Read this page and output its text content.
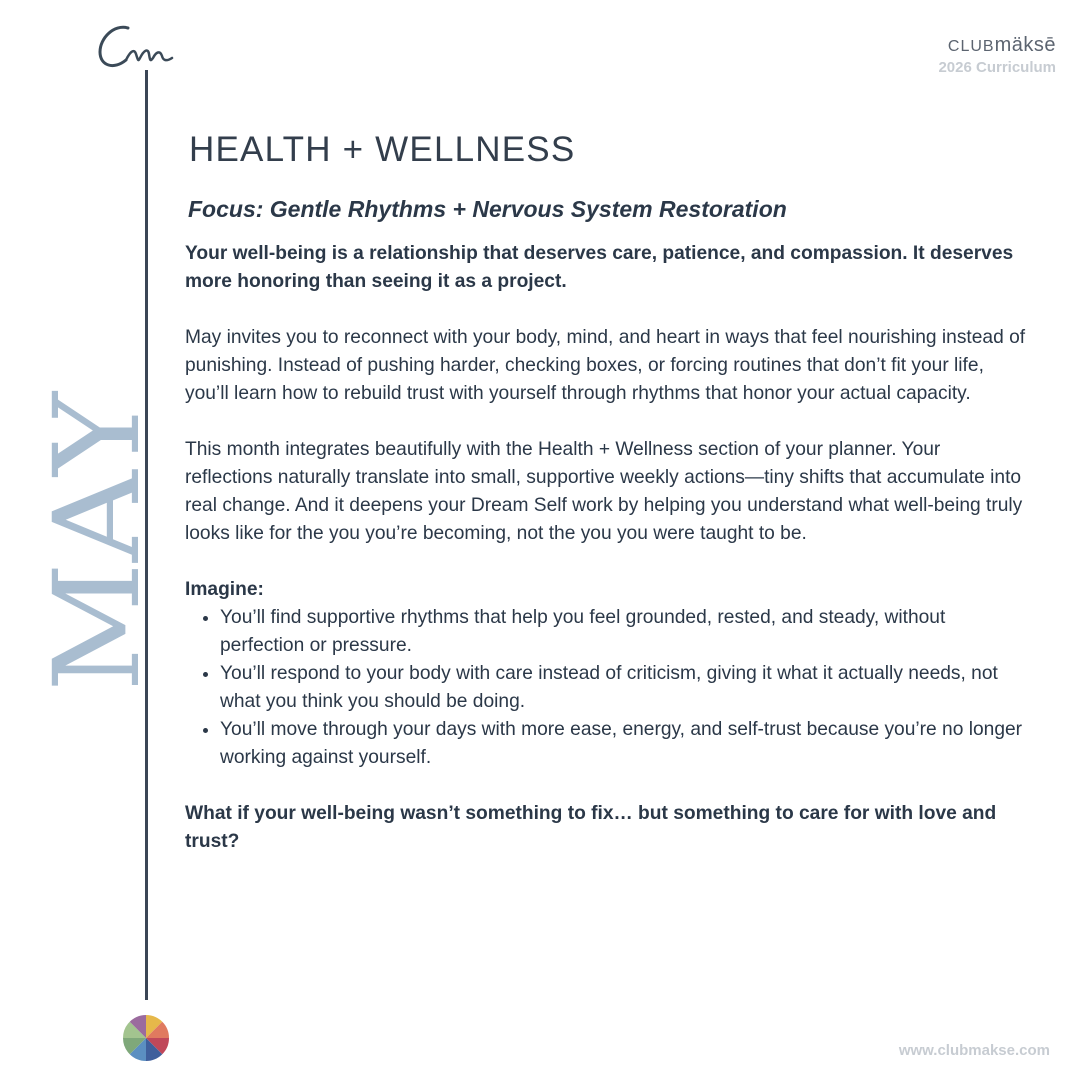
CLUBmäksē
2026 Curriculum
MAY
HEALTH + WELLNESS
Focus: Gentle Rhythms + Nervous System Restoration

Your well-being is a relationship that deserves care, patience, and compassion. It deserves more honoring than seeing it as a project.

May invites you to reconnect with your body, mind, and heart in ways that feel nourishing instead of punishing. Instead of pushing harder, checking boxes, or forcing routines that don’t fit your life, you’ll learn how to rebuild trust with yourself through rhythms that honor your actual capacity.

This month integrates beautifully with the Health + Wellness section of your planner. Your reflections naturally translate into small, supportive weekly actions—tiny shifts that accumulate into real change. And it deepens your Dream Self work by helping you understand what well-being truly looks like for the you you’re becoming, not the you you were taught to be.

Imagine:
• You’ll find supportive rhythms that help you feel grounded, rested, and steady, without perfection or pressure.
• You’ll respond to your body with care instead of criticism, giving it what it actually needs, not what you think you should be doing.
• You’ll move through your days with more ease, energy, and self-trust because you’re no longer working against yourself.

What if your well-being wasn’t something to fix… but something to care for with love and trust?

www.clubmakse.com
